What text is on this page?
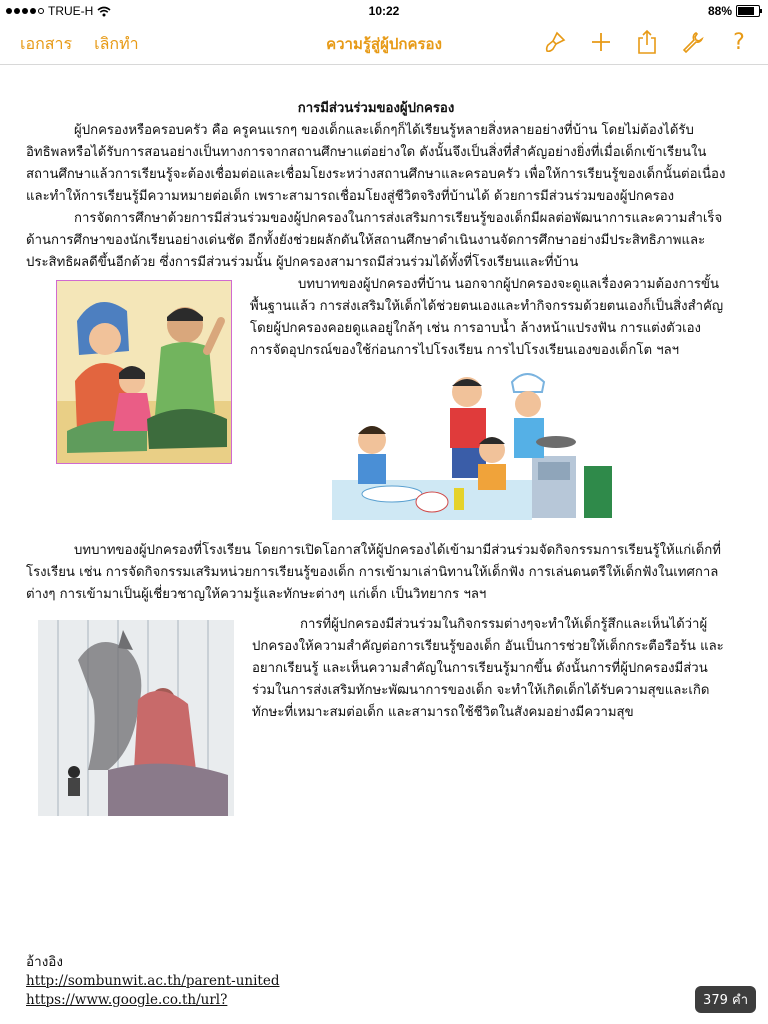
TRUE-H	10:22	88%
เอกสาร เลิกทำ	ความรู้สู่ผู้ปกครอง	?

การมีส่วนร่วมของผู้ปกครอง

ผู้ปกครองหรือครอบครัว คือ ครูคนแรกๆ ของเด็กและเด็กๆก็ได้เรียนรู้หลายสิ่งหลายอย่างที่บ้าน โดยไม่ต้องได้รับอิทธิพลหรือได้รับการสอนอย่างเป็นทางการจากสถานศึกษาแต่อย่างใด ดังนั้นจึงเป็นสิ่งที่สำคัญอย่างยิ่งที่เมื่อเด็กเข้าเรียนในสถานศึกษาแล้วการเรียนรู้จะต้องเชื่อมต่อและเชื่อมโยงระหว่างสถานศึกษาและครอบครัว เพื่อให้การเรียนรู้ของเด็กนั้นต่อเนื่องและทำให้การเรียนรู้มีความหมายต่อเด็ก เพราะสามารถเชื่อมโยงสู่ชีวิตจริงที่บ้านได้ ด้วยการมีส่วนร่วมของผู้ปกครอง

การจัดการศึกษาด้วยการมีส่วนร่วมของผู้ปกครองในการส่งเสริมการเรียนรู้ของเด็กมีผลต่อพัฒนาการและความสำเร็จด้านการศึกษาของนักเรียนอย่างเด่นชัด อีกทั้งยังช่วยผลักดันให้สถานศึกษาดำเนินงานจัดการศึกษาอย่างมีประสิทธิภาพและประสิทธิผลดีขึ้นอีกด้วย ซึ่งการมีส่วนร่วมนั้น ผู้ปกครองสามารถมีส่วนร่วมได้ทั้งที่โรงเรียนและที่บ้าน

บทบาทของผู้ปกครองที่บ้าน นอกจากผู้ปกครองจะดูแลเรื่องความต้องการขั้นพื้นฐานแล้ว การส่งเสริมให้เด็กได้ช่วยตนเองและทำกิจกรรมด้วยตนเองก็เป็นสิ่งสำคัญ โดยผู้ปกครองคอยดูแลอยู่ใกล้ๆ เช่น การอาบน้ำ ล้างหน้าแปรงฟัน การแต่งตัวเอง การจัดอุปกรณ์ของใช้ก่อนการไปโรงเรียน การไปโรงเรียนเองของเด็กโต ฯลฯ

บทบาทของผู้ปกครองที่โรงเรียน โดยการเปิดโอกาสให้ผู้ปกครองได้เข้ามามีส่วนร่วมจัดกิจกรรมการเรียนรู้ให้แก่เด็กที่โรงเรียน เช่น การจัดกิจกรรมเสริมหน่วยการเรียนรู้ของเด็ก การเข้ามาเล่านิทานให้เด็กฟัง การเล่นดนตรีให้เด็กฟังในเทศกาลต่างๆ การเข้ามาเป็นผู้เชี่ยวชาญให้ความรู้และทักษะต่างๆ แก่เด็ก เป็นวิทยากร ฯลฯ

การที่ผู้ปกครองมีส่วนร่วมในกิจกรรมต่างๆจะทำให้เด็กรู้สึกและเห็นได้ว่าผู้ปกครองให้ความสำคัญต่อการเรียนรู้ของเด็ก อันเป็นการช่วยให้เด็กกระตือรือร้น และอยากเรียนรู้ และเห็นความสำคัญในการเรียนรู้มากขึ้น ดังนั้นการที่ผู้ปกครองมีส่วนร่วมในการส่งเสริมทักษะพัฒนาการของเด็ก จะทำให้เกิดเด็กได้รับความสุขและเกิดทักษะที่เหมาะสมต่อเด็ก และสามารถใช้ชีวิตในสังคมอย่างมีความสุข

อ้างอิง
http://sombunwit.ac.th/parent-united
https://www.google.co.th/url?	379 คำ
